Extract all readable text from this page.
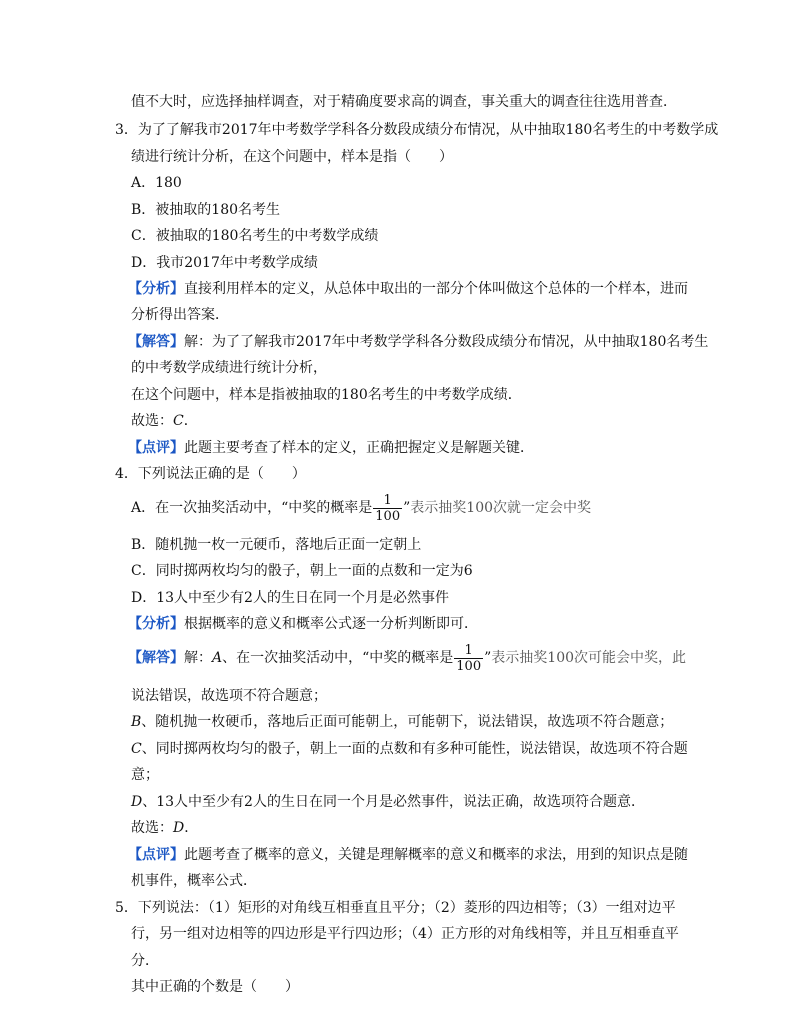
值不大时，应选择抽样调查，对于精确度要求高的调查，事关重大的调查往往选用普查．
3．为了了解我市2017年中考数学学科各分数段成绩分布情况，从中抽取180名考生的中考数学成
绩进行统计分析，在这个问题中，样本是指（　　）
A．180
B．被抽取的180名考生
C．被抽取的180名考生的中考数学成绩
D．我市2017年中考数学成绩
【分析】直接利用样本的定义，从总体中取出的一部分个体叫做这个总体的一个样本，进而
分析得出答案．
【解答】解：为了了解我市2017年中考数学学科各分数段成绩分布情况，从中抽取180名考生
的中考数学成绩进行统计分析，
在这个问题中，样本是指被抽取的180名考生的中考数学成绩．
故选：C．
【点评】此题主要考查了样本的定义，正确把握定义是解题关键．
4．下列说法正确的是（　　）
A．在一次抽奖活动中，“中奖的概率是 $\frac{1}{100}$ ”表示抽奖100次就一定会中奖
B．随机抛一枚一元硬币，落地后正面一定朝上
C．同时掷两枚均匀的骰子，朝上一面的点数和一定为6
D．13人中至少有2人的生日在同一个月是必然事件
【分析】根据概率的意义和概率公式逐一分析判断即可．
【解答】解：A、在一次抽奖活动中，“中奖的概率是 $\frac{1}{100}$ ”表示抽奖100次可能会中奖，此
说法错误，故选项不符合题意；
B、随机抛一枚硬币，落地后正面可能朝上，可能朝下，说法错误，故选项不符合题意；
C、同时掷两枚均匀的骰子，朝上一面的点数和有多种可能性，说法错误，故选项不符合题
意；
D、13人中至少有2人的生日在同一个月是必然事件，说法正确，故选项符合题意．
故选：D．
【点评】此题考查了概率的意义，关键是理解概率的意义和概率的求法，用到的知识点是随
机事件，概率公式．
5．下列说法：（1）矩形的对角线互相垂直且平分；（2）菱形的四边相等；（3）一组对边平
行，另一组对边相等的四边形是平行四边形；（4）正方形的对角线相等，并且互相垂直平
分．
其中正确的个数是（　　）
